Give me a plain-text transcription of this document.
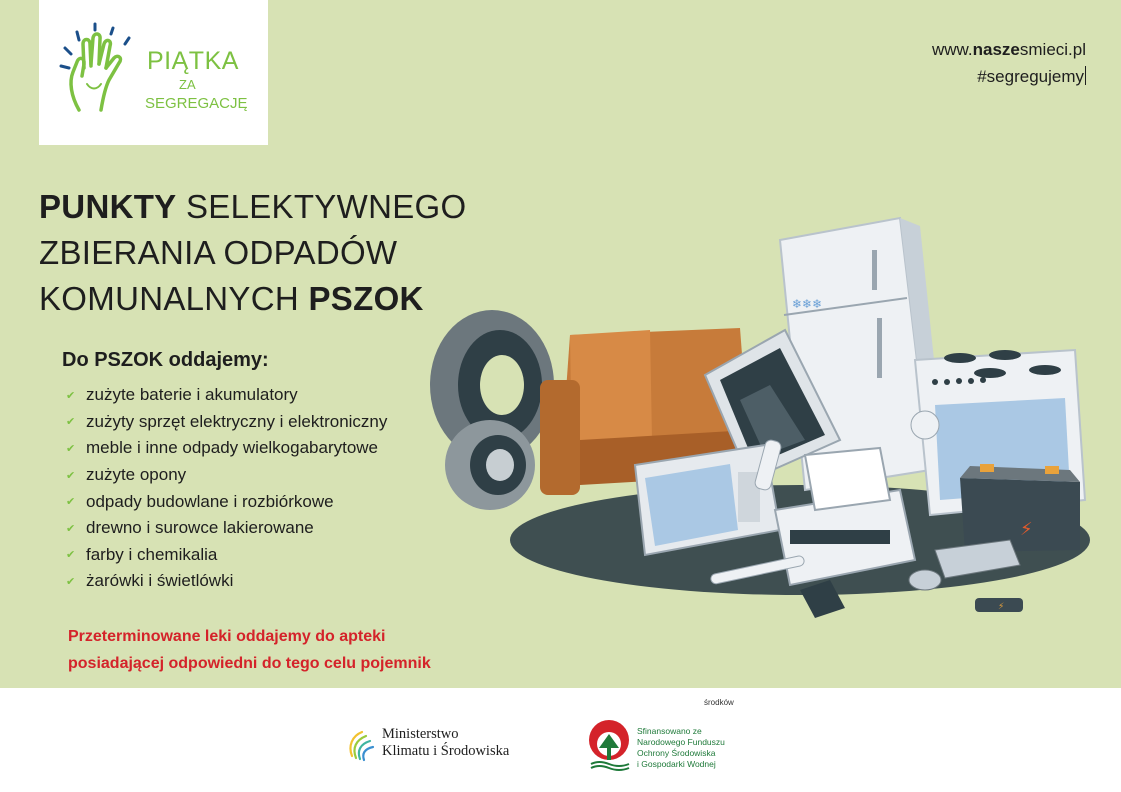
PIĄTKA
ZA
SEGREGACJĘ
www.naszesmieci.pl
#segregujemy
PUNKTY SELEKTYWNEGO
ZBIERANIA ODPADÓW
KOMUNALNYCH PSZOK
Do PSZOK oddajemy:
✔ zużyte baterie i akumulatory
✔ zużyty sprzęt elektryczny i elektroniczny
✔ meble i inne odpady wielkogabarytowe
✔ zużyte opony
✔ odpady budowlane i rozbiórkowe
✔ drewno i surowce lakierowane
✔ farby i chemikalia
✔ żarówki i świetlówki
Przeterminowane leki oddajemy do apteki
posiadającej odpowiedni do tego celu pojemnik
❄❄❄
⚡
⚡
środków
Ministerstwo
Klimatu i Środowiska
Sfinansowano ze
Narodowego Funduszu
Ochrony Środowiska
i Gospodarki Wodnej
